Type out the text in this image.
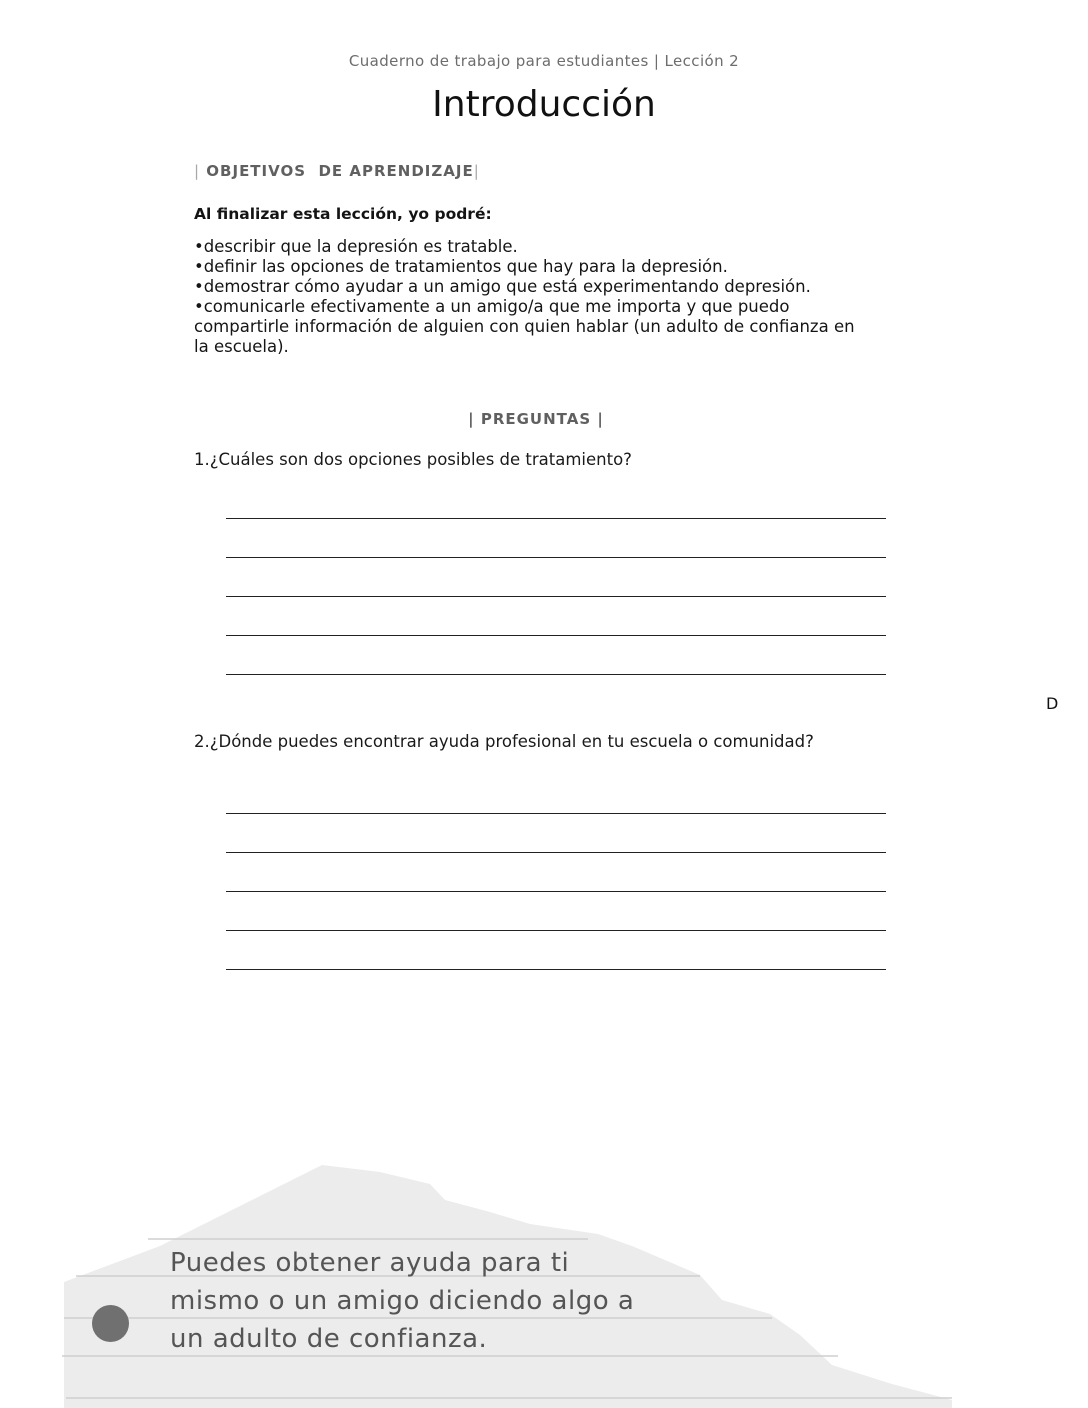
Cuaderno de trabajo para estudiantes | Lección 2
Introducción
| OBJETIVOS  DE APRENDIZAJE|
Al finalizar esta lección, yo podré:
• describir que la depresión es tratable.
• definir las opciones de tratamientos que hay para la depresión.
• demostrar cómo ayudar a un amigo que está experimentando depresión.
• comunicarle efectivamente a un amigo/a que me importa y que puedo compartirle información de alguien con quien hablar (un adulto de confianza en la escuela).
| PREGUNTAS |
1.¿Cuáles son dos opciones posibles de tratamiento?
D
2.¿Dónde puedes encontrar ayuda profesional en tu escuela o comunidad?
Puedes obtener ayuda para ti mismo o un amigo diciendo algo a un adulto de confianza.
